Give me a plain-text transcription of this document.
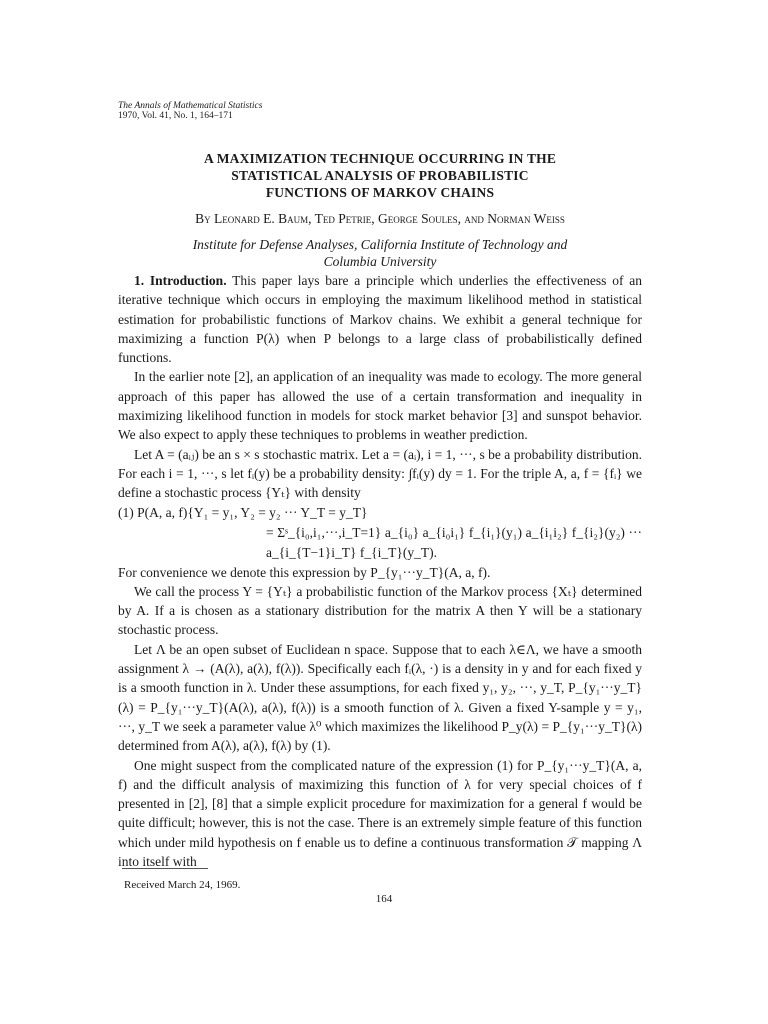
The Annals of Mathematical Statistics
1970, Vol. 41, No. 1, 164–171
A MAXIMIZATION TECHNIQUE OCCURRING IN THE
STATISTICAL ANALYSIS OF PROBABILISTIC
FUNCTIONS OF MARKOV CHAINS
By Leonard E. Baum, Ted Petrie, George Soules, and Norman Weiss
Institute for Defense Analyses, California Institute of Technology and
Columbia University

1. Introduction. This paper lays bare a principle which underlies the effectiveness of an iterative technique which occurs in employing the maximum likelihood method in statistical estimation for probabilistic functions of Markov chains. We exhibit a general technique for maximizing a function P(λ) when P belongs to a large class of probabilistically defined functions.

In the earlier note [2], an application of an inequality was made to ecology. The more general approach of this paper has allowed the use of a certain transformation and inequality in maximizing likelihood function in models for stock market behavior [3] and sunspot behavior. We also expect to apply these techniques to problems in weather prediction.

Let A = (aᵢⱼ) be an s × s stochastic matrix. Let a = (aᵢ), i = 1, ···, s be a probability distribution. For each i = 1, ···, s let fᵢ(y) be a probability density: ∫fᵢ(y) dy = 1. For the triple A, a, f = {fᵢ} we define a stochastic process {Yₜ} with density

(1) P(A, a, f){Y₁ = y₁, Y₂ = y₂ ··· Y_T = y_T}
= Σˢ_{i₀,i₁,···,i_T=1} a_{i₀} a_{i₀i₁} f_{i₁}(y₁) a_{i₁i₂} f_{i₂}(y₂) ··· a_{i_{T−1}i_T} f_{i_T}(y_T).

For convenience we denote this expression by P_{y₁···y_T}(A, a, f).

We call the process Y = {Yₜ} a probabilistic function of the Markov process {Xₜ} determined by A. If a is chosen as a stationary distribution for the matrix A then Y will be a stationary stochastic process.

Let Λ be an open subset of Euclidean n space. Suppose that to each λ∈Λ, we have a smooth assignment λ → (A(λ), a(λ), f(λ)). Specifically each fᵢ(λ, ·) is a density in y and for each fixed y is a smooth function in λ. Under these assumptions, for each fixed y₁, y₂, ···, y_T, P_{y₁···y_T}(λ) = P_{y₁···y_T}(A(λ), a(λ), f(λ)) is a smooth function of λ. Given a fixed Y-sample y = y₁, ···, y_T we seek a parameter value λ⁰ which maximizes the likelihood P_y(λ) = P_{y₁···y_T}(λ) determined from A(λ), a(λ), f(λ) by (1).

One might suspect from the complicated nature of the expression (1) for P_{y₁···y_T}(A, a, f) and the difficult analysis of maximizing this function of λ for very special choices of f presented in [2], [8] that a simple explicit procedure for maximization for a general f would be quite difficult; however, this is not the case. There is an extremely simple feature of this function which under mild hypothesis on f enable us to define a continuous transformation 𝒯 mapping Λ into itself with

Received March 24, 1969.
164
